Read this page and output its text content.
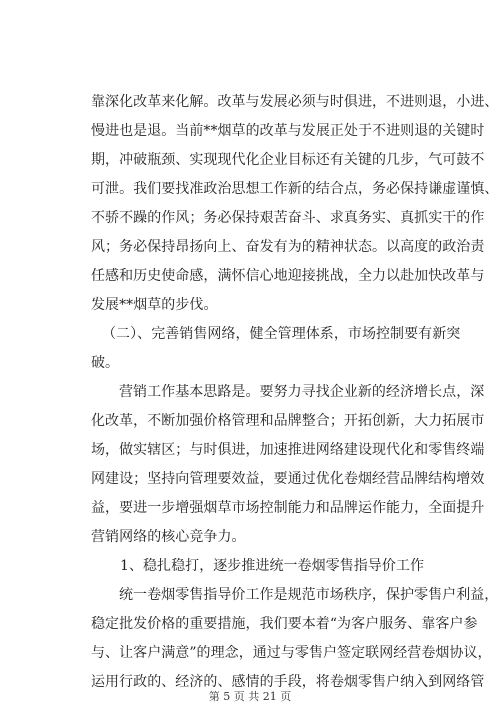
靠深化改革来化解。改革与发展必须与时俱进，不进则退，小进、
慢进也是退。当前**烟草的改革与发展正处于不进则退的关键时
期，冲破瓶颈、实现现代化企业目标还有关键的几步，气可鼓不
可泄。我们要找准政治思想工作新的结合点，务必保持谦虚谨慎、
不骄不躁的作风；务必保持艰苦奋斗、求真务实、真抓实干的作
风；务必保持昂扬向上、奋发有为的精神状态。以高度的政治责
任感和历史使命感，满怀信心地迎接挑战，全力以赴加快改革与
发展**烟草的步伐。
（二）、完善销售网络，健全管理体系，市场控制要有新突
破。
营销工作基本思路是。要努力寻找企业新的经济增长点，深
化改革，不断加强价格管理和品牌整合；开拓创新，大力拓展市
场，做实辖区；与时俱进，加速推进网络建设现代化和零售终端
网建设；坚持向管理要效益，要通过优化卷烟经营品牌结构增效
益，要进一步增强烟草市场控制能力和品牌运作能力，全面提升
营销网络的核心竞争力。
1、稳扎稳打，逐步推进统一卷烟零售指导价工作
统一卷烟零售指导价工作是规范市场秩序，保护零售户利益，
稳定批发价格的重要措施，我们要本着“为客户服务、靠客户参
与、让客户满意”的理念，通过与零售户签定联网经营卷烟协议，
运用行政的、经济的、感情的手段，将卷烟零售户纳入到网络管
第 5 页 共 21 页
